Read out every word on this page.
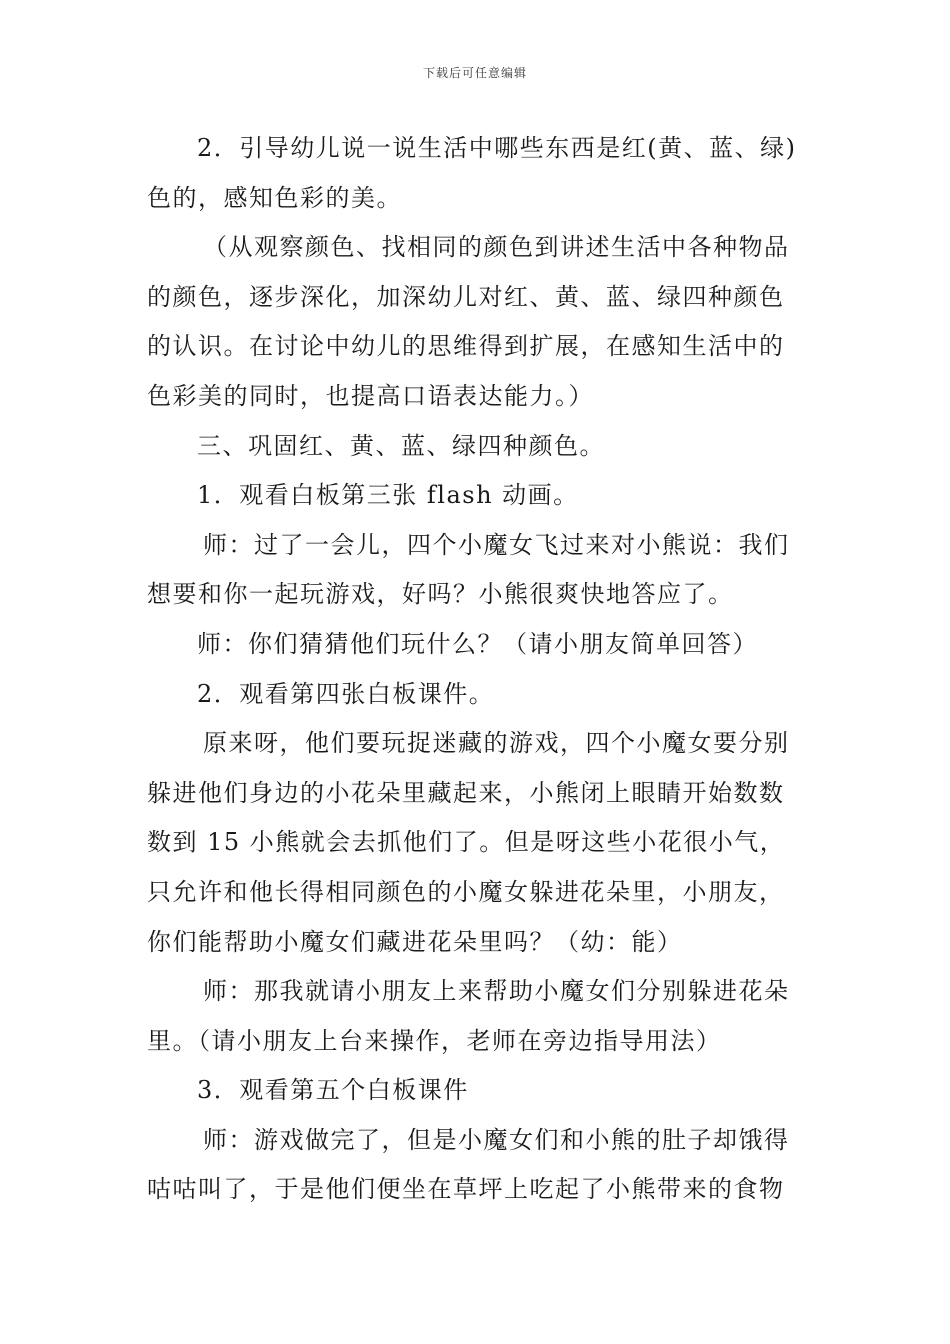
下载后可任意编辑

2．引导幼儿说一说生活中哪些东西是红(黄、蓝、绿)色的，感知色彩的美。

（从观察颜色、找相同的颜色到讲述生活中各种物品的颜色，逐步深化，加深幼儿对红、黄、蓝、绿四种颜色的认识。在讨论中幼儿的思维得到扩展，在感知生活中的色彩美的同时，也提高口语表达能力。）

三、巩固红、黄、蓝、绿四种颜色。

1．观看白板第三张 flash 动画。

师：过了一会儿，四个小魔女飞过来对小熊说：我们想要和你一起玩游戏，好吗？小熊很爽快地答应了。

师：你们猜猜他们玩什么？（请小朋友简单回答）

2．观看第四张白板课件。

原来呀，他们要玩捉迷藏的游戏，四个小魔女要分别躲进他们身边的小花朵里藏起来，小熊闭上眼睛开始数数数到 15 小熊就会去抓他们了。但是呀这些小花很小气，只允许和他长得相同颜色的小魔女躲进花朵里，小朋友，你们能帮助小魔女们藏进花朵里吗？（幼：能）

师：那我就请小朋友上来帮助小魔女们分别躲进花朵里。（请小朋友上台来操作，老师在旁边指导用法）

3．观看第五个白板课件

师：游戏做完了，但是小魔女们和小熊的肚子却饿得咕咕叫了，于是他们便坐在草坪上吃起了小熊带来的食物
